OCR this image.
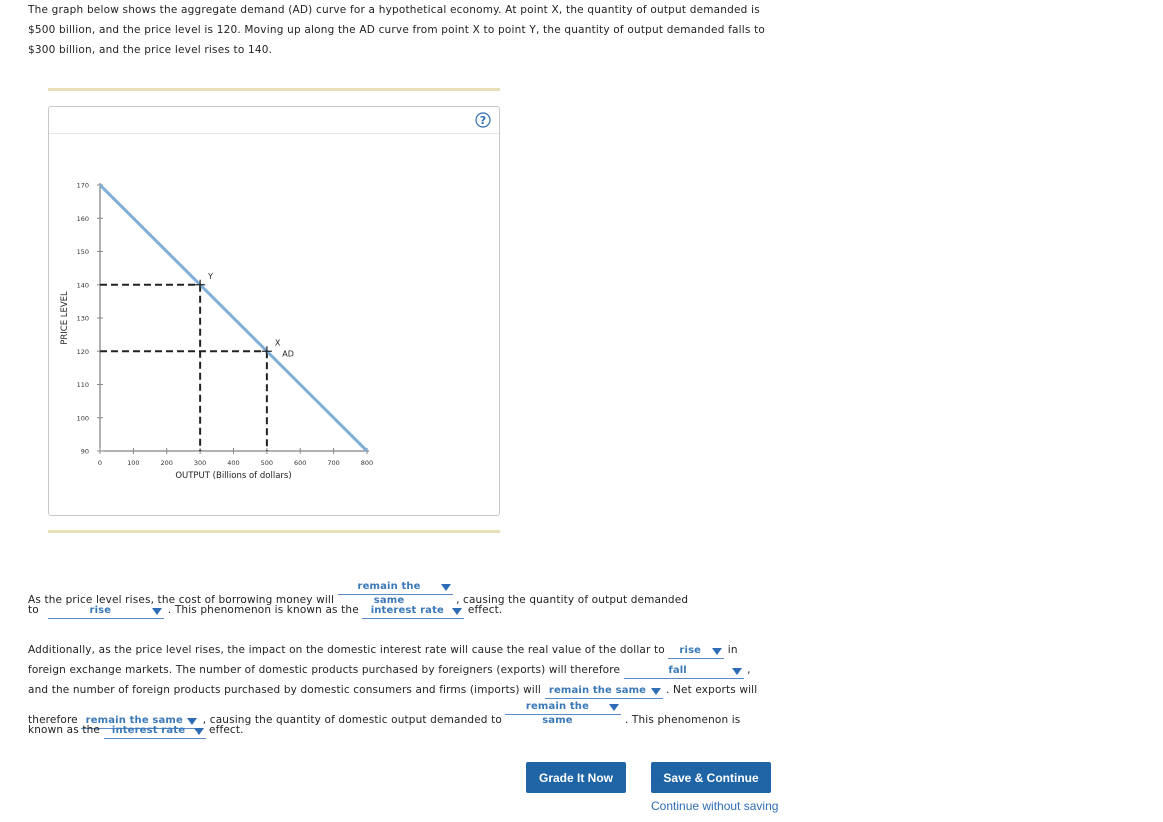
The graph below shows the aggregate demand (AD) curve for a hypothetical economy. At point X, the quantity of output demanded is
$500 billion, and the price level is 120. Moving up along the AD curve from point X to point Y, the quantity of output demanded falls to
$300 billion, and the price level rises to 140.
?
90
100
110
120
130
140
150
160
170
0	100	200	300	400	500	600	700	800
OUTPUT (Billions of dollars)
PRICE LEVEL
AD
Y
X
As the price level rises, the cost of borrowing money will remain the same	, causing the quantity of output demanded
to	rise	. This phenomenon is known as the interest rate effect.
Additionally, as the price level rises, the impact on the domestic interest rate will cause the real value of the dollar to rise	in
foreign exchange markets. The number of domestic products purchased by foreigners (exports) will therefore	fall	,
and the number of foreign products purchased by domestic consumers and firms (imports) will remain the same . Net exports will
therefore remain the same , causing the quantity of domestic output demanded to remain the same	. This phenomenon is
known as the interest rate effect.
Grade It Now	Save & Continue
Continue without saving
